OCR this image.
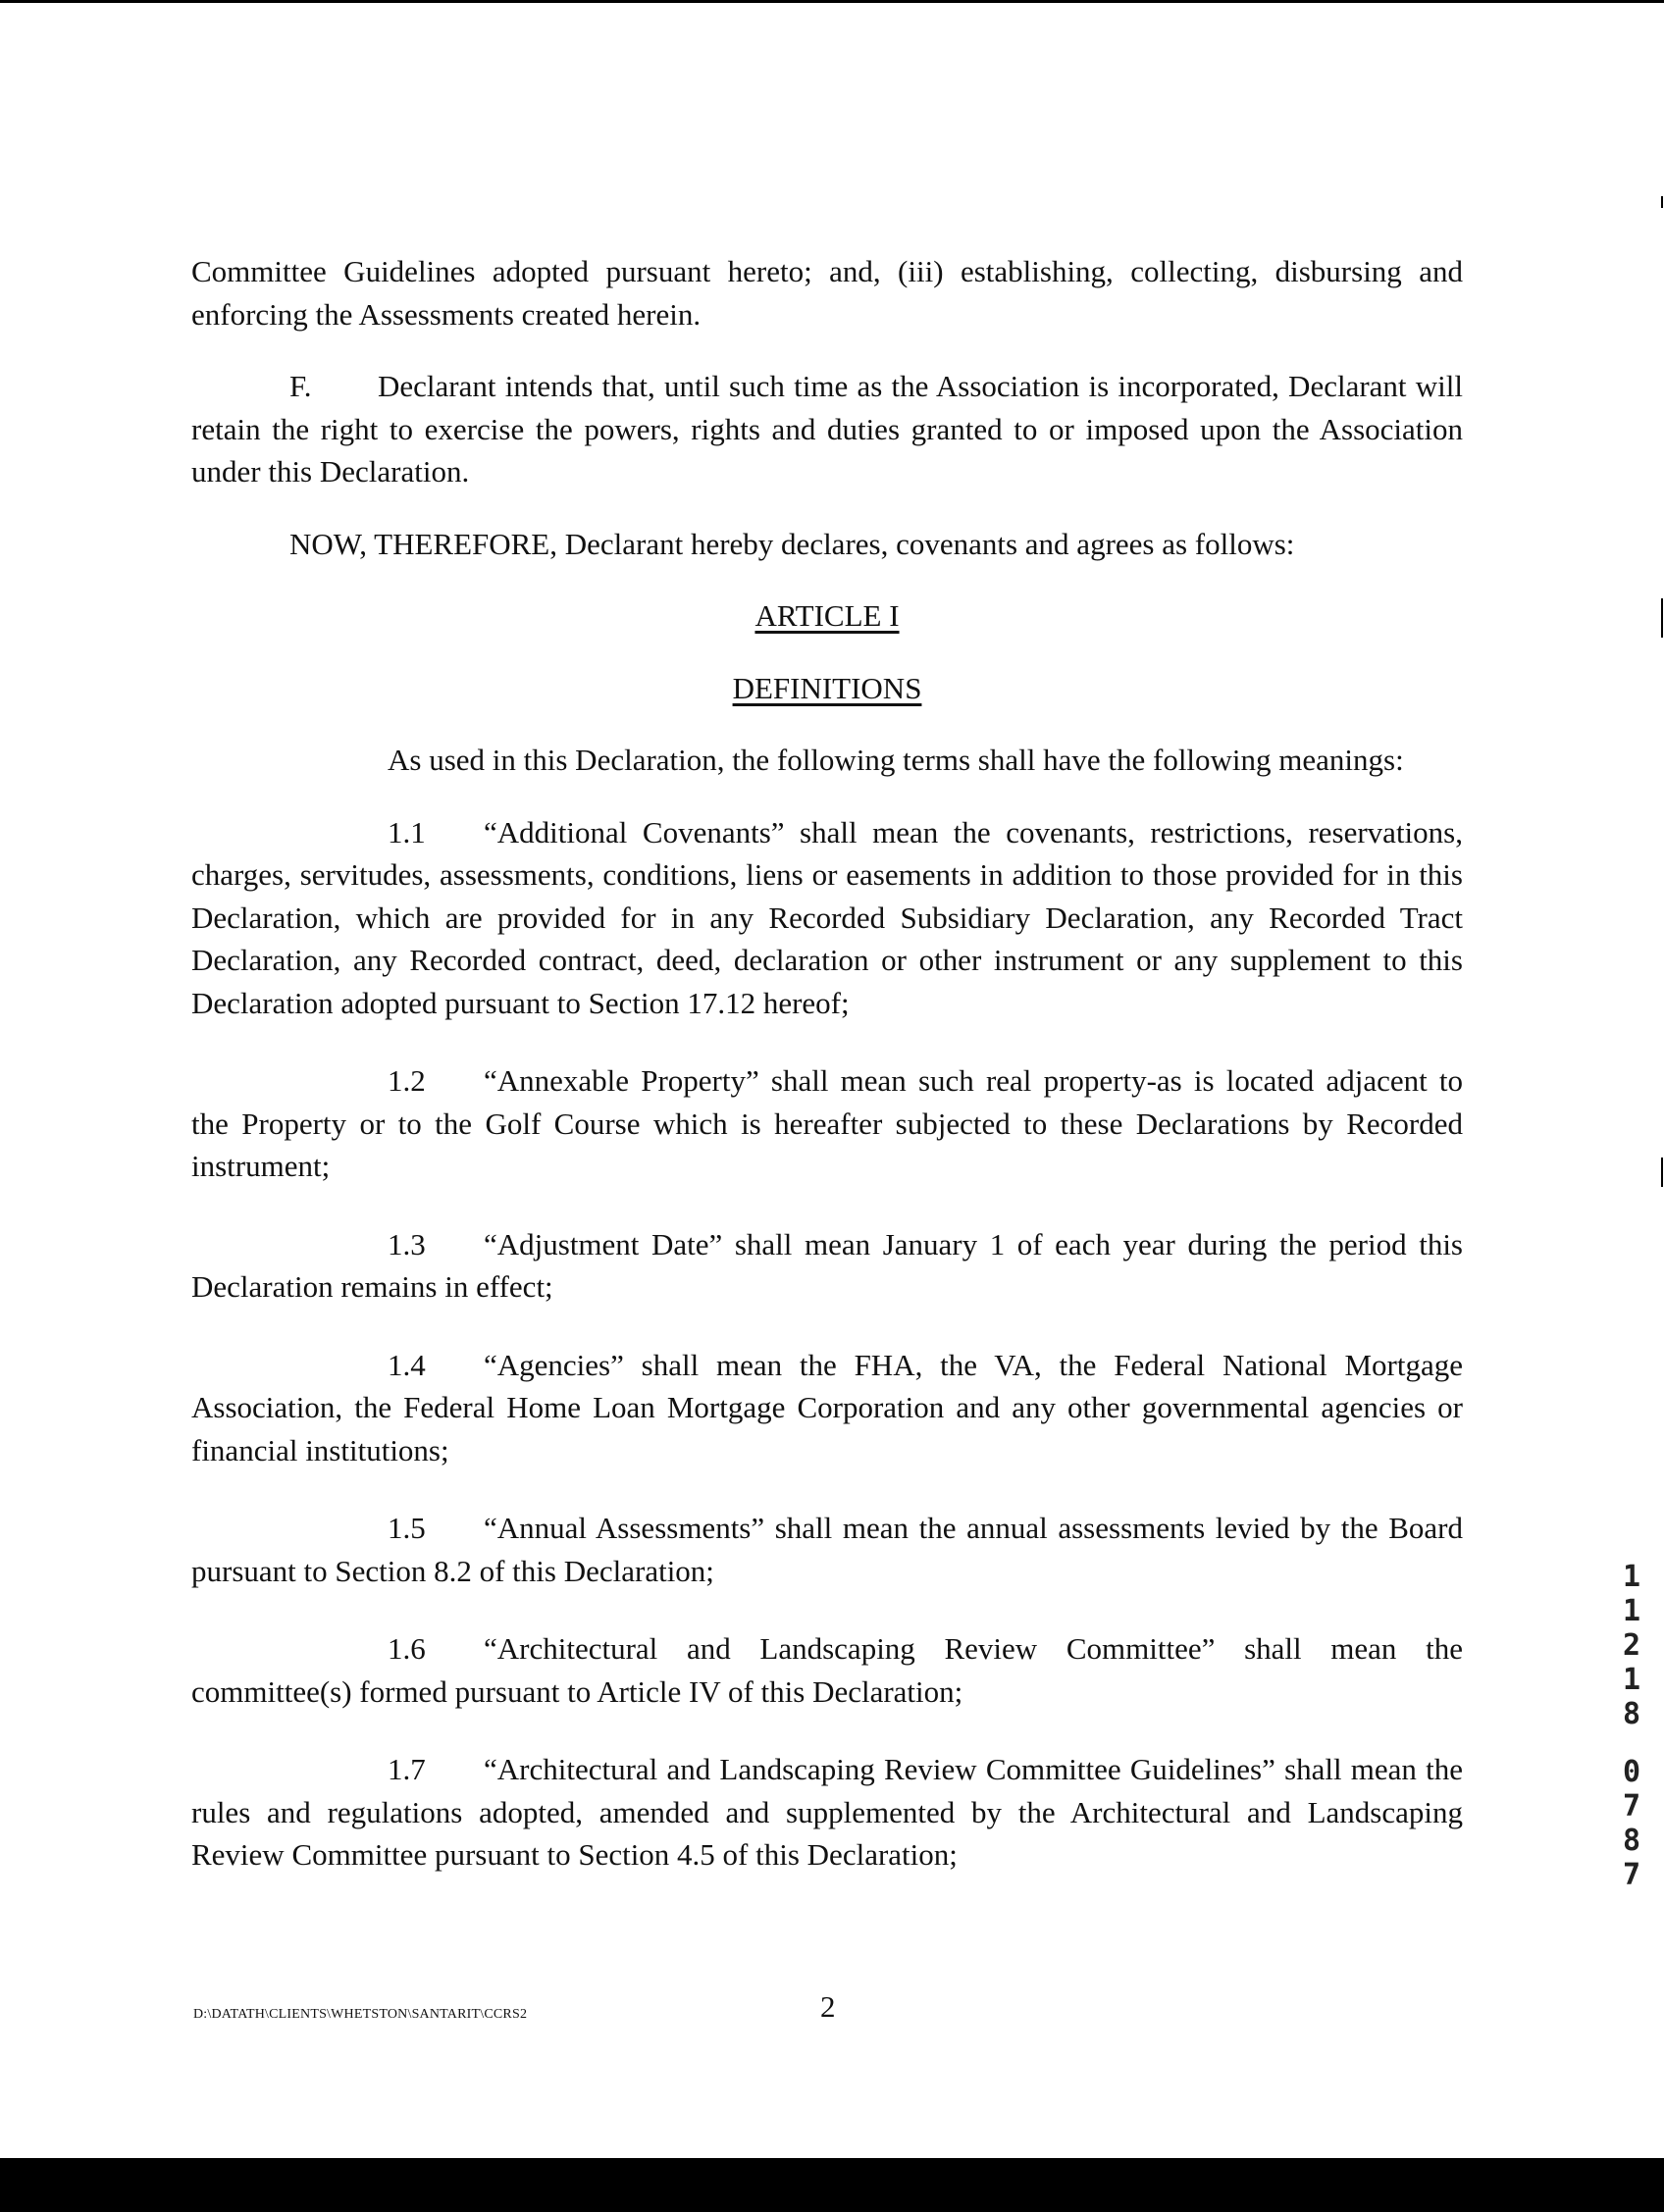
Committee Guidelines adopted pursuant hereto; and, (iii) establishing, collecting, disbursing and enforcing the Assessments created herein.

F. Declarant intends that, until such time as the Association is incorporated, Declarant will retain the right to exercise the powers, rights and duties granted to or imposed upon the Association under this Declaration.

NOW, THEREFORE, Declarant hereby declares, covenants and agrees as follows:

ARTICLE I

DEFINITIONS

As used in this Declaration, the following terms shall have the following meanings:

1.1 “Additional Covenants” shall mean the covenants, restrictions, reservations, charges, servitudes, assessments, conditions, liens or easements in addition to those provided for in this Declaration, which are provided for in any Recorded Subsidiary Declaration, any Recorded Tract Declaration, any Recorded contract, deed, declaration or other instrument or any supplement to this Declaration adopted pursuant to Section 17.12 hereof;

1.2 “Annexable Property” shall mean such real property-as is located adjacent to the Property or to the Golf Course which is hereafter subjected to these Declarations by Recorded instrument;

1.3 “Adjustment Date” shall mean January 1 of each year during the period this Declaration remains in effect;

1.4 “Agencies” shall mean the FHA, the VA, the Federal National Mortgage Association, the Federal Home Loan Mortgage Corporation and any other governmental agencies or financial institutions;

1.5 “Annual Assessments” shall mean the annual assessments levied by the Board pursuant to Section 8.2 of this Declaration;

1.6 “Architectural and Landscaping Review Committee” shall mean the committee(s) formed pursuant to Article IV of this Declaration;

1.7 “Architectural and Landscaping Review Committee Guidelines” shall mean the rules and regulations adopted, amended and supplemented by the Architectural and Landscaping Review Committee pursuant to Section 4.5 of this Declaration;

D:\DATATH\CLIENTS\WHETSTON\SANTARIT\CCRS2	2
1
1
2
1
8
0
7
8
7
